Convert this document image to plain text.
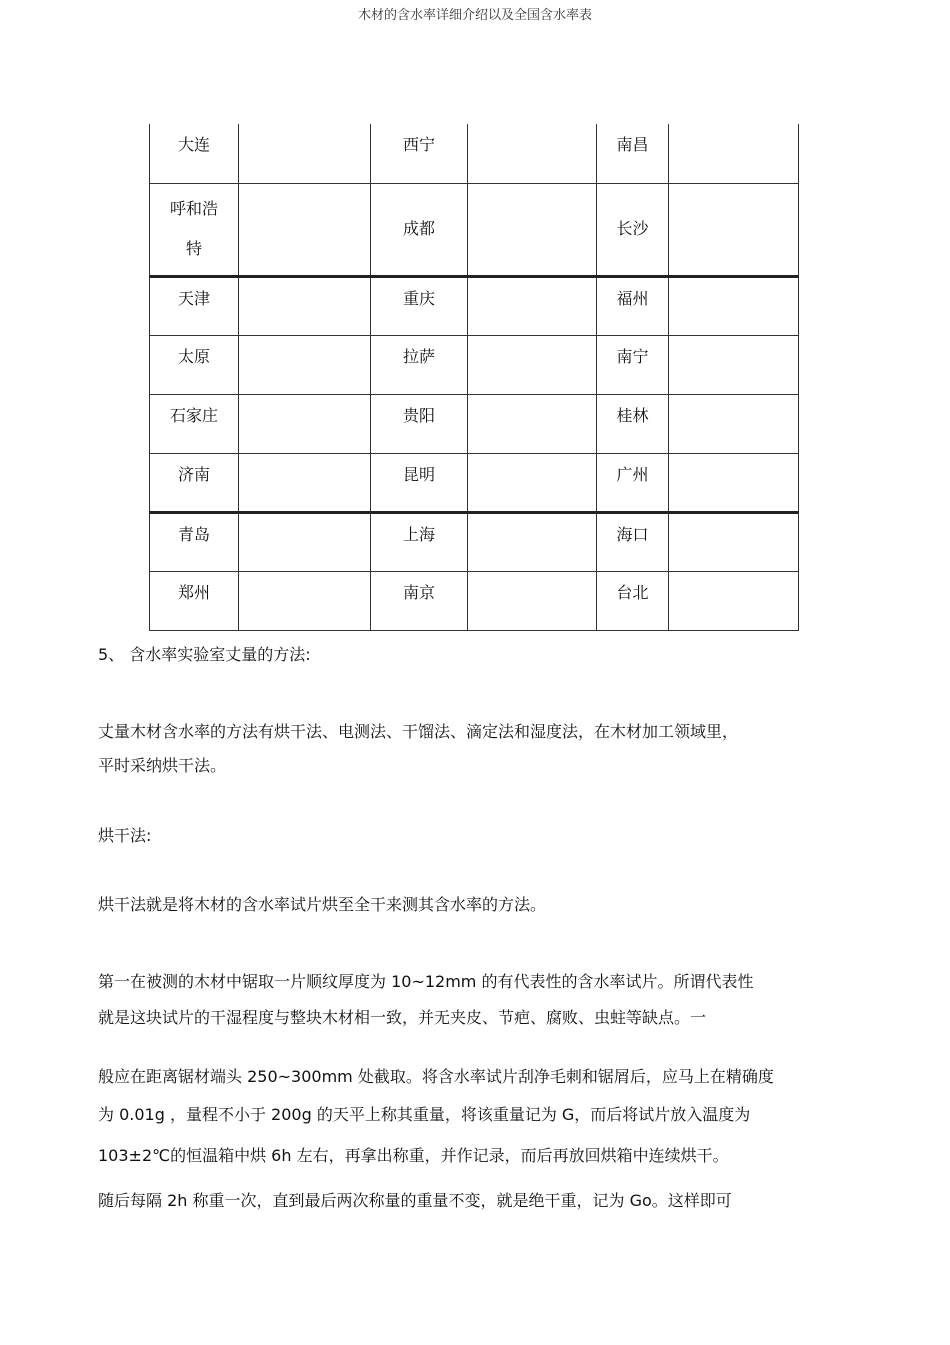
木材的含水率详细介绍以及全国含水率表
大连		西宁		南昌	
呼和浩特		成都		长沙	
天津		重庆		福州	
太原		拉萨		南宁	
石家庄		贵阳		桂林	
济南		昆明		广州	
青岛		上海		海口	
郑州		南京		台北	
5、 含水率实验室丈量的方法:
丈量木材含水率的方法有烘干法、电测法、干馏法、滴定法和湿度法，在木材加工领域里，
平时采纳烘干法。
烘干法:
烘干法就是将木材的含水率试片烘至全干来测其含水率的方法。
第一在被测的木材中锯取一片顺纹厚度为 10~12mm 的有代表性的含水率试片。所谓代表性
就是这块试片的干湿程度与整块木材相一致，并无夹皮、节疤、腐败、虫蛀等缺点。一
般应在距离锯材端头 250~300mm 处截取。将含水率试片刮净毛刺和锯屑后，应马上在精确度
为 0.01g ，量程不小于 200g 的天平上称其重量，将该重量记为 G，而后将试片放入温度为
103±2℃的恒温箱中烘 6h 左右，再拿出称重，并作记录，而后再放回烘箱中连续烘干。
随后每隔 2h 称重一次，直到最后两次称量的重量不变，就是绝干重，记为 Go。这样即可
